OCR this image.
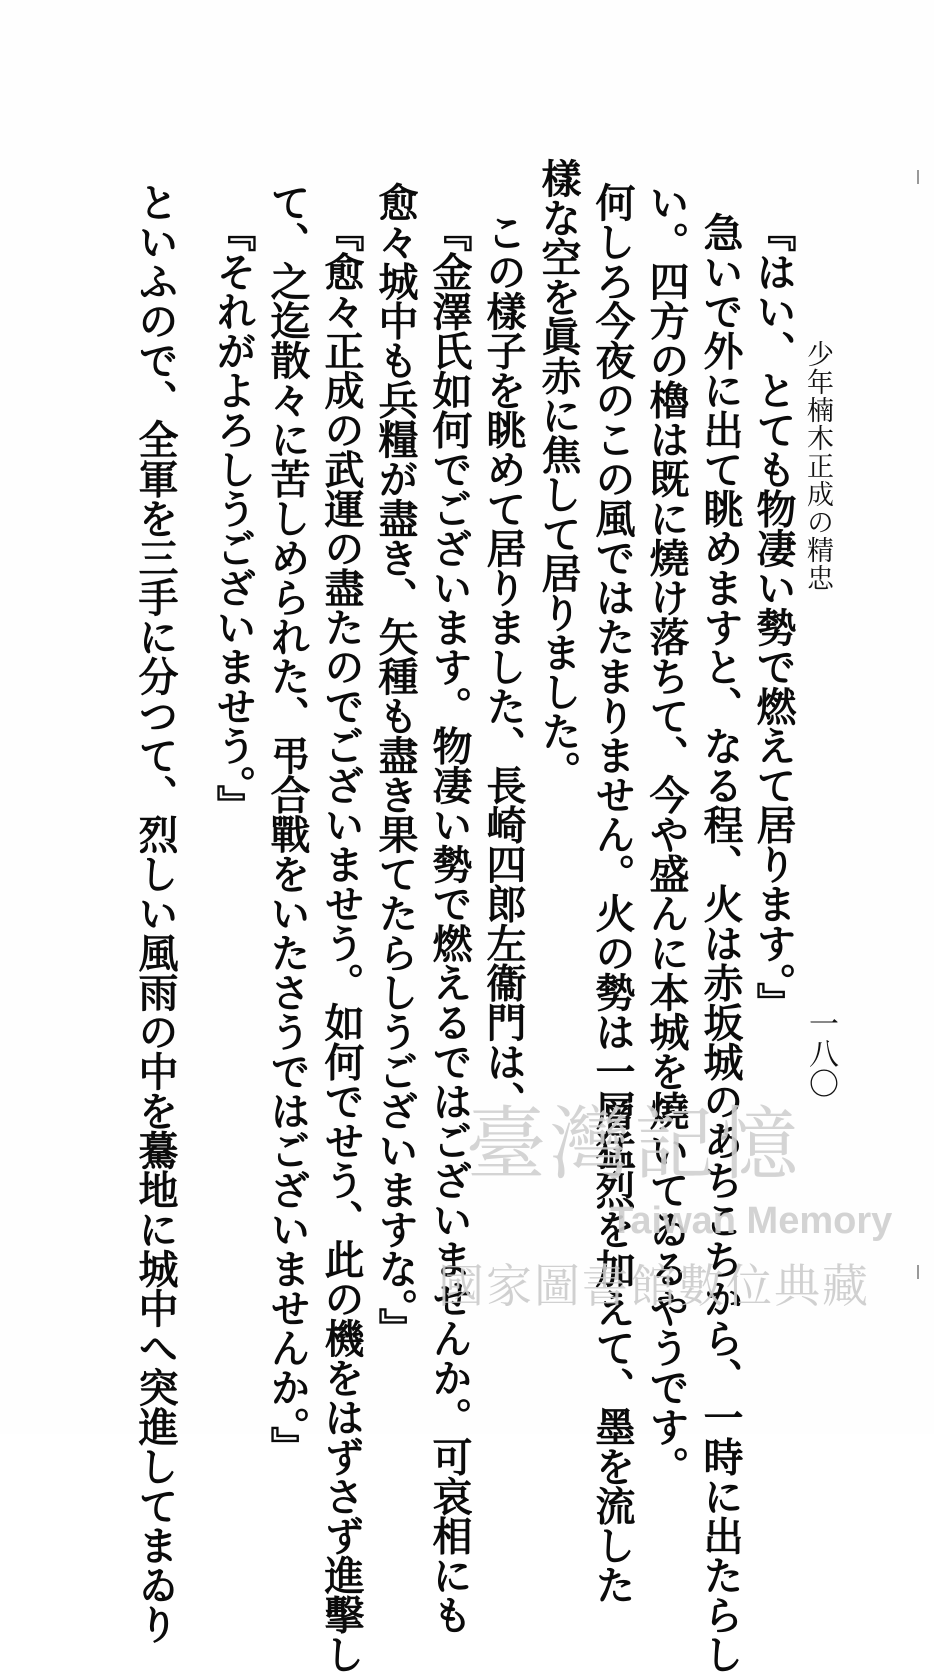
少年楠木正成の精忠
一八〇
『はい、とても物凄い勢で燃えて居ります。』
急いで外に出て眺めますと、なる程、火は赤坂城のあちこちから、一時に出たらし
い。四方の櫓は既に燒け落ちて、今や盛んに本城を燒いてゐるやうです。
何しろ今夜のこの風ではたまりません。火の勢は一層猛烈を加えて、墨を流した
樣な空を眞赤に焦して居りました。
この樣子を眺めて居りました、長崎四郎左衞門は、
『金澤氏如何でございます。物凄い勢で燃えるではございませんか。可哀相にも
愈々城中も兵糧が盡き、矢種も盡き果てたらしうございますな。』
『愈々正成の武運の盡たのでございませう。如何でせう、此の機をはずさず進擊し
て、之迄散々に苦しめられた、弔合戰をいたさうではございませんか。』
『それがよろしうございませう。』
といふので、全軍を三手に分つて、烈しい風雨の中を驀地に城中へ突進してまゐり	臺灣記憶
Taiwan Memory
國家圖書館數位典藏
